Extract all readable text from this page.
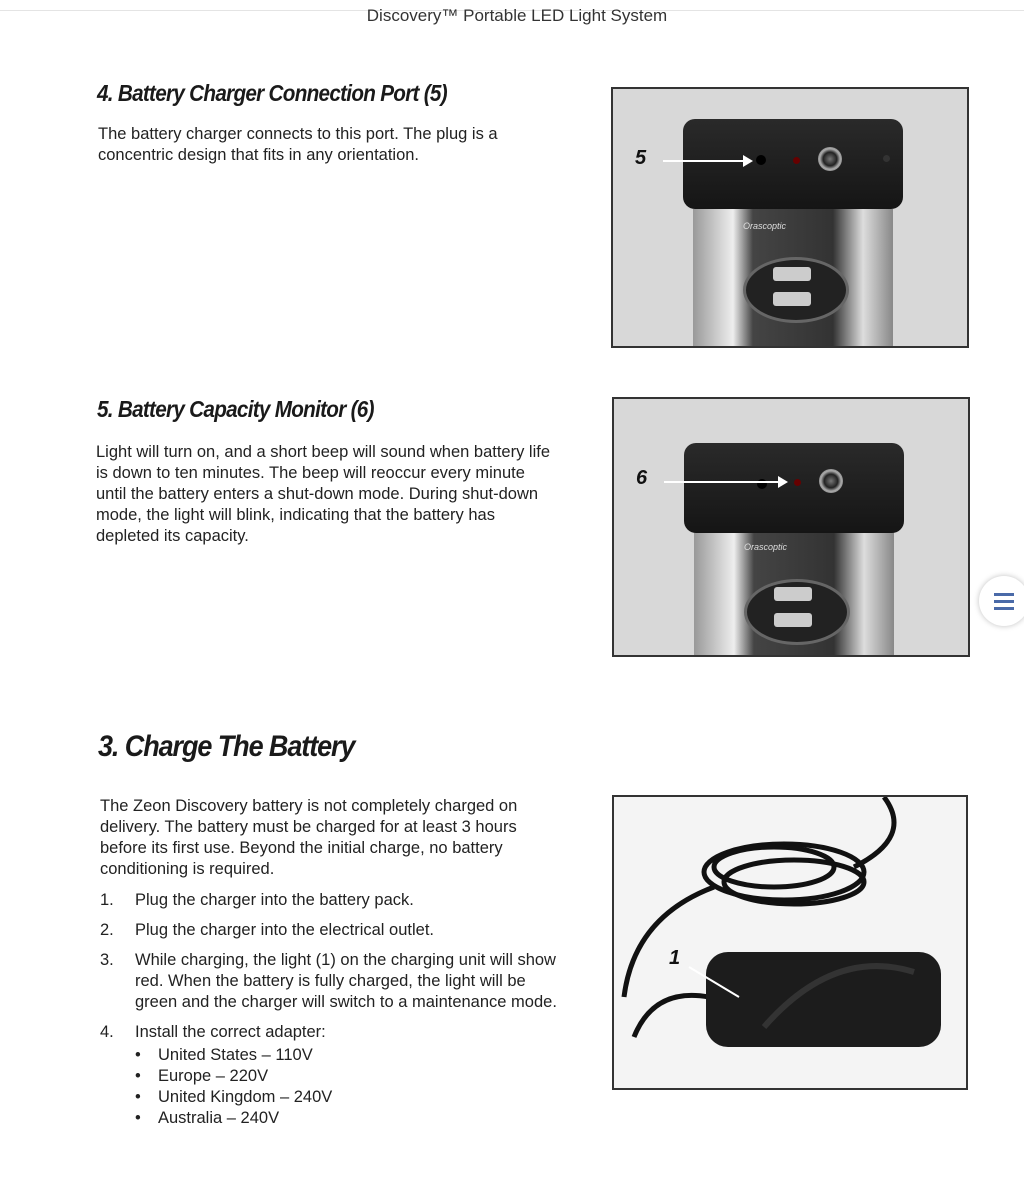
Discovery™ Portable LED Light System
4. Battery Charger Connection Port (5)
The battery charger connects to this port. The plug is a concentric design that fits in any orientation.
Orascoptic
5
5. Battery Capacity Monitor (6)
Light will turn on, and a short beep will sound when battery life is down to ten minutes. The beep will reoccur every minute until the battery enters a shut-down mode. During shut-down mode, the light will blink, indicating that the battery has depleted its capacity.
Orascoptic
6
3. Charge The Battery
The Zeon Discovery battery is not completely charged on delivery. The battery must be charged for at least 3 hours before its first use. Beyond the initial charge, no battery conditioning is required.
1. Plug the charger into the battery pack.
2. Plug the charger into the electrical outlet.
3. While charging, the light (1) on the charging unit will show red. When the battery is fully charged, the light will be green and the charger will switch to a maintenance mode.
4. Install the correct adapter:
• United States – 110V
• Europe – 220V
• United Kingdom – 240V
• Australia – 240V
1
